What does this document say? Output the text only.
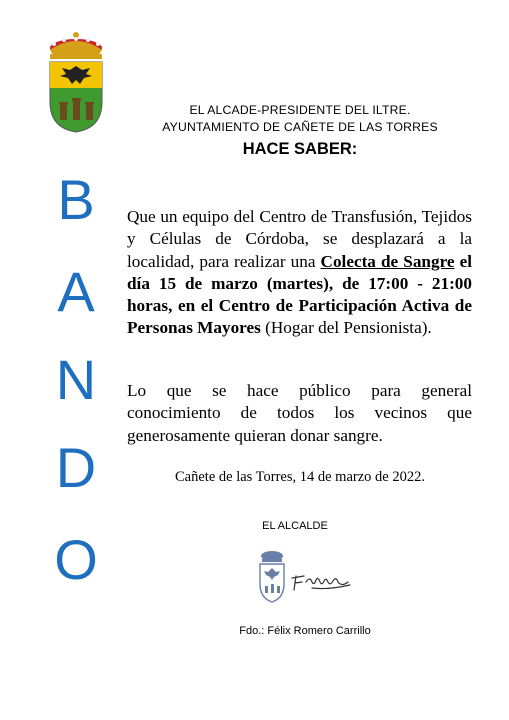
B
A
N
D
O
EL ALCADE-PRESIDENTE DEL ILTRE.
AYUNTAMIENTO DE CAÑETE DE LAS TORRES
HACE SABER:
Que un equipo del Centro de Transfusión, Tejidos y Células de Córdoba, se desplazará a la localidad, para realizar una Colecta de Sangre el día 15 de marzo (martes), de 17:00 - 21:00 horas, en el Centro de Participación Activa de Personas Mayores (Hogar del Pensionista).
Lo que se hace público para general conocimiento de todos los vecinos que generosamente quieran donar sangre.
Cañete de las Torres, 14 de marzo de 2022.
EL ALCALDE
Fdo.: Félix Romero Carrillo
